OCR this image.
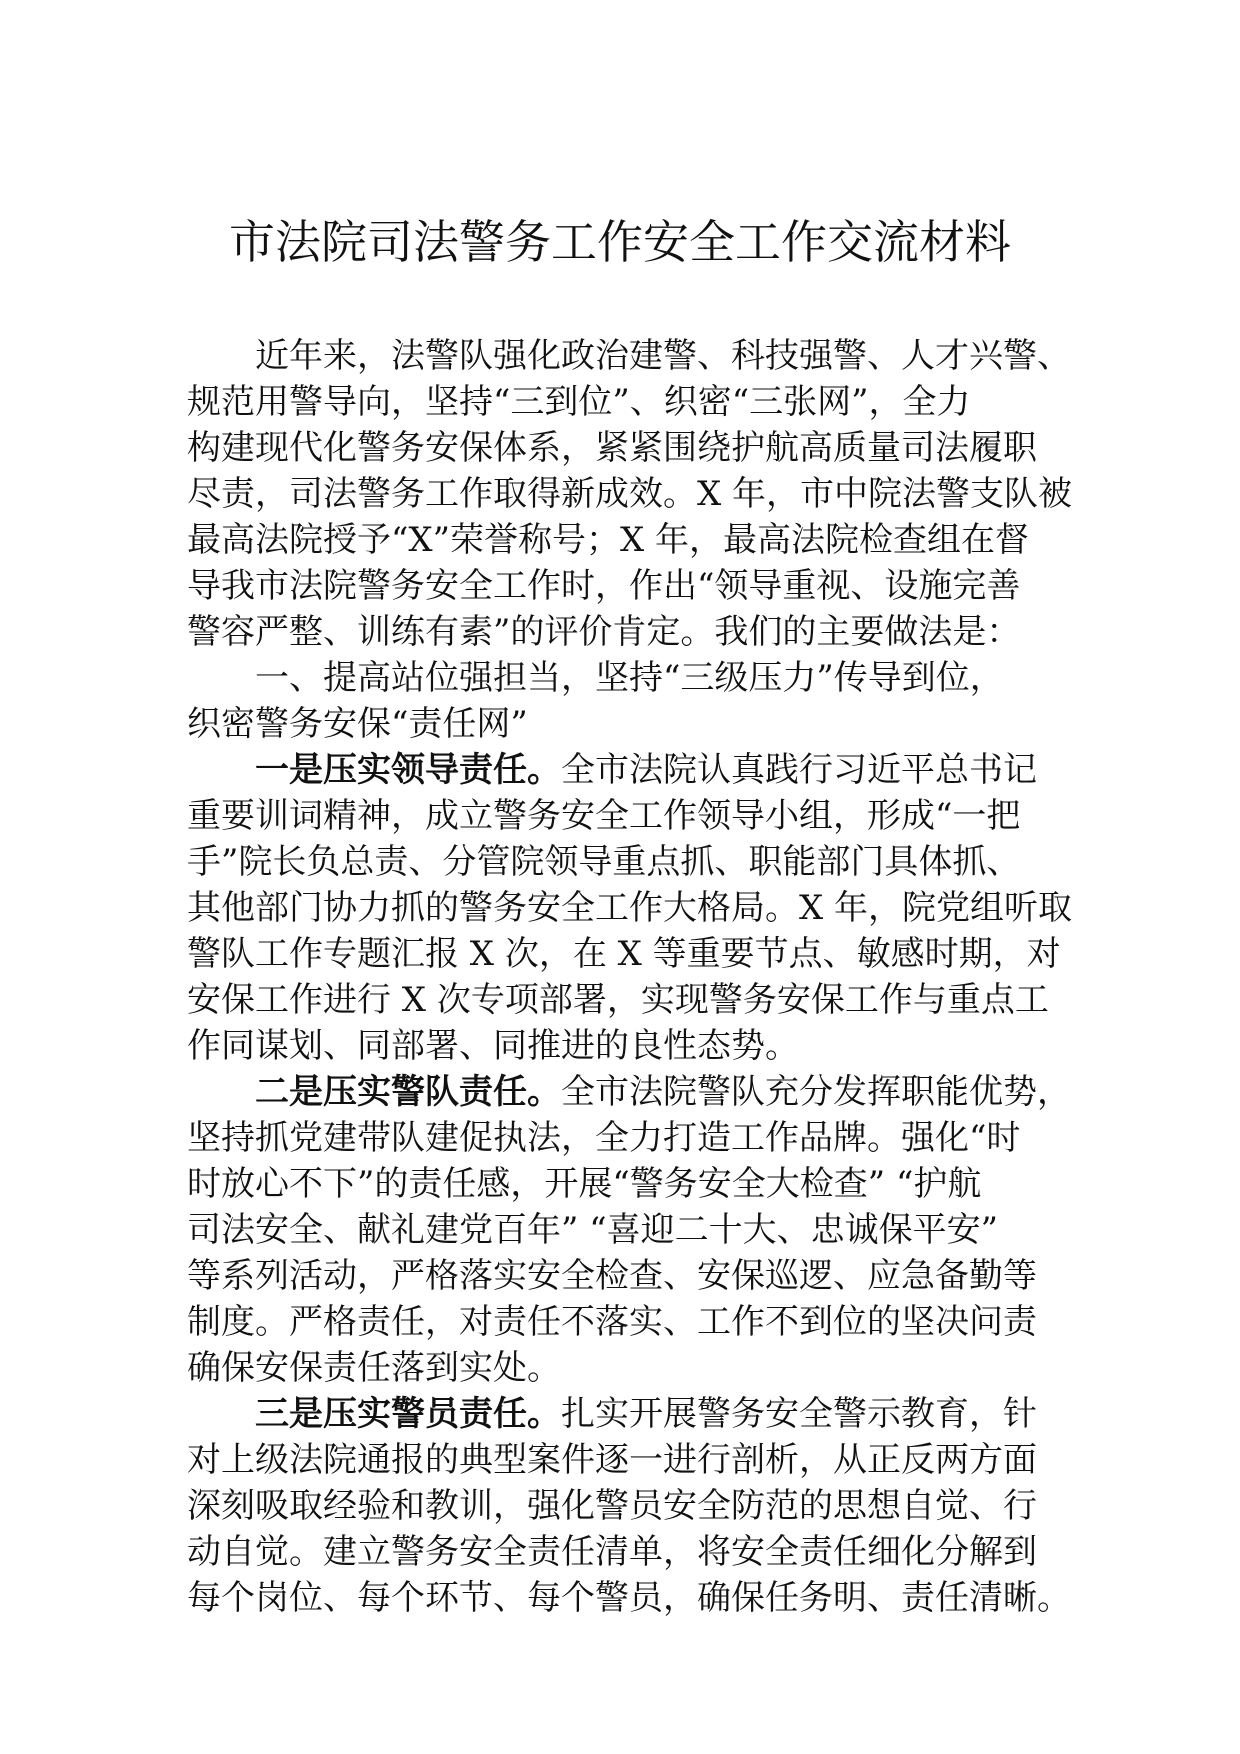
市法院司法警务工作安全工作交流材料
近年来，法警队强化政治建警、科技强警、人才兴警、
规范用警导向，坚持“三到位”、织密“三张网”，全力
构建现代化警务安保体系，紧紧围绕护航高质量司法履职
尽责，司法警务工作取得新成效。X 年，市中院法警支队被
最高法院授予“X”荣誉称号；X 年，最高法院检查组在督
导我市法院警务安全工作时，作出“领导重视、设施完善
警容严整、训练有素”的评价肯定。我们的主要做法是：
一、提高站位强担当，坚持“三级压力”传导到位，
织密警务安保“责任网”
一是压实领导责任。全市法院认真践行习近平总书记
重要训词精神，成立警务安全工作领导小组，形成“一把
手”院长负总责、分管院领导重点抓、职能部门具体抓、
其他部门协力抓的警务安全工作大格局。X 年，院党组听取
警队工作专题汇报 X 次，在 X 等重要节点、敏感时期，对
安保工作进行 X 次专项部署，实现警务安保工作与重点工
作同谋划、同部署、同推进的良性态势。
二是压实警队责任。全市法院警队充分发挥职能优势，
坚持抓党建带队建促执法，全力打造工作品牌。强化“时
时放心不下”的责任感，开展“警务安全大检查” “护航
司法安全、献礼建党百年” “喜迎二十大、忠诚保平安”
等系列活动，严格落实安全检查、安保巡逻、应急备勤等
制度。严格责任，对责任不落实、工作不到位的坚决问责
确保安保责任落到实处。
三是压实警员责任。扎实开展警务安全警示教育，针
对上级法院通报的典型案件逐一进行剖析，从正反两方面
深刻吸取经验和教训，强化警员安全防范的思想自觉、行
动自觉。建立警务安全责任清单，将安全责任细化分解到
每个岗位、每个环节、每个警员，确保任务明、责任清晰。
